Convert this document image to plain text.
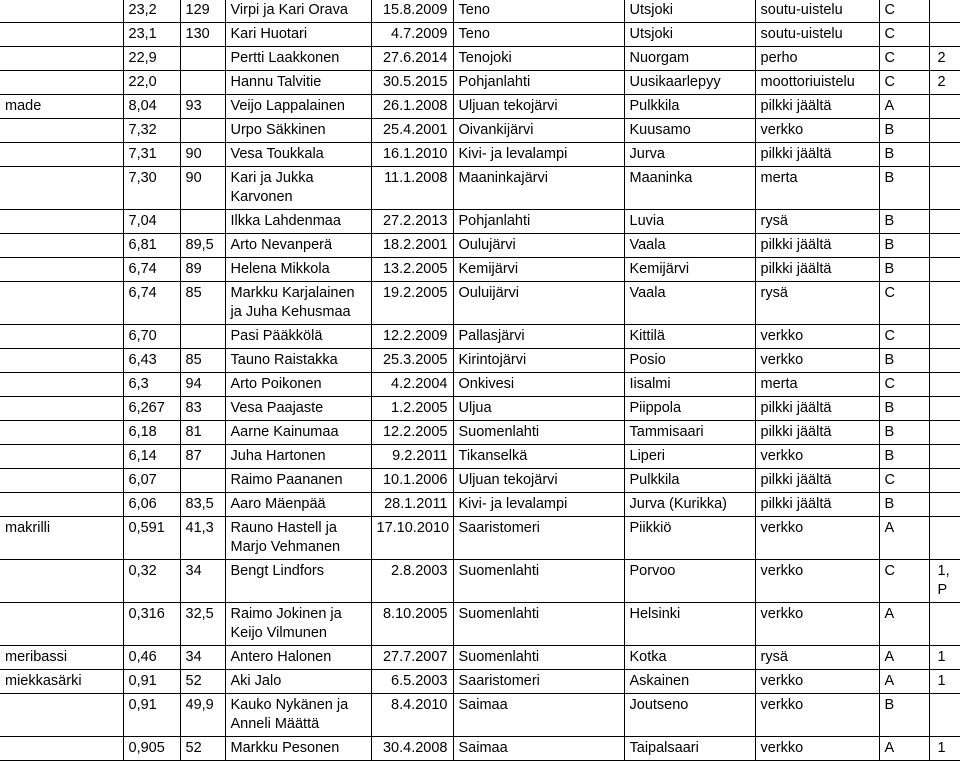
	23,2	129	Virpi ja Kari Orava	15.8.2009	Teno	Utsjoki	soutu-uistelu	C	
	23,1	130	Kari Huotari	4.7.2009	Teno	Utsjoki	soutu-uistelu	C	
	22,9		Pertti Laakkonen	27.6.2014	Tenojoki	Nuorgam	perho	C	2
	22,0		Hannu Talvitie	30.5.2015	Pohjanlahti	Uusikaarlepyy	moottoriuistelu	C	2
made	8,04	93	Veijo Lappalainen	26.1.2008	Uljuan tekojärvi	Pulkkila	pilkki jäältä	A	
	7,32		Urpo Säkkinen	25.4.2001	Oivankijärvi	Kuusamo	verkko	B	
	7,31	90	Vesa Toukkala	16.1.2010	Kivi- ja levalampi	Jurva	pilkki jäältä	B	
	7,30	90	Kari ja Jukka Karvonen	11.1.2008	Maaninkajärvi	Maaninka	merta	B	
	7,04		Ilkka Lahdenmaa	27.2.2013	Pohjanlahti	Luvia	rysä	B	
	6,81	89,5	Arto Nevanperä	18.2.2001	Oulujärvi	Vaala	pilkki jäältä	B	
	6,74	89	Helena Mikkola	13.2.2005	Kemijärvi	Kemijärvi	pilkki jäältä	B	
	6,74	85	Markku Karjalainen ja Juha Kehusmaa	19.2.2005	Ouluijärvi	Vaala	rysä	C	
	6,70		Pasi Pääkkölä	12.2.2009	Pallasjärvi	Kittilä	verkko	C	
	6,43	85	Tauno Raistakka	25.3.2005	Kirintojärvi	Posio	verkko	B	
	6,3	94	Arto Poikonen	4.2.2004	Onkivesi	Iisalmi	merta	C	
	6,267	83	Vesa Paajaste	1.2.2005	Uljua	Piippola	pilkki jäältä	B	
	6,18	81	Aarne Kainumaa	12.2.2005	Suomenlahti	Tammisaari	pilkki jäältä	B	
	6,14	87	Juha Hartonen	9.2.2011	Tikanselkä	Liperi	verkko	B	
	6,07		Raimo Paananen	10.1.2006	Uljuan tekojärvi	Pulkkila	pilkki jäältä	C	
	6,06	83,5	Aaro Mäenpää	28.1.2011	Kivi- ja levalampi	Jurva (Kurikka)	pilkki jäältä	B	
makrilli	0,591	41,3	Rauno Hastell ja Marjo Vehmanen	17.10.2010	Saaristomeri	Piikkiö	verkko	A	
	0,32	34	Bengt Lindfors	2.8.2003	Suomenlahti	Porvoo	verkko	C	1, P
	0,316	32,5	Raimo Jokinen ja Keijo Vilmunen	8.10.2005	Suomenlahti	Helsinki	verkko	A	
meribassi	0,46	34	Antero Halonen	27.7.2007	Suomenlahti	Kotka	rysä	A	1
miekkasärki	0,91	52	Aki Jalo	6.5.2003	Saaristomeri	Askainen	verkko	A	1
	0,91	49,9	Kauko Nykänen ja Anneli Määttä	8.4.2010	Saimaa	Joutseno	verkko	B	
	0,905	52	Markku Pesonen	30.4.2008	Saimaa	Taipalsaari	verkko	A	1
